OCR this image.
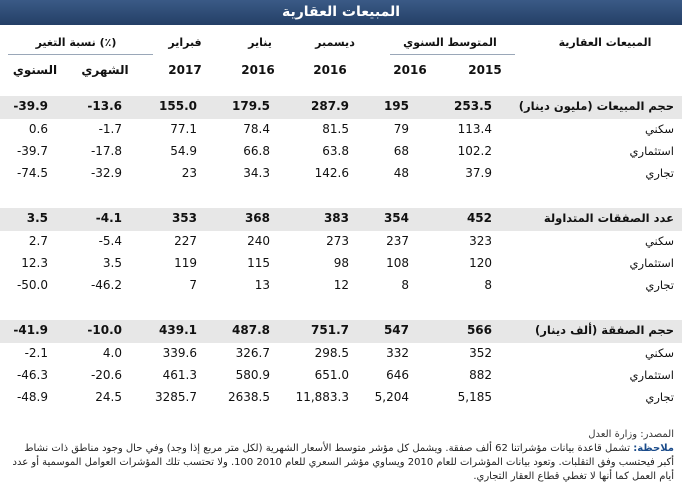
المبيعات العقارية
المبيعات العقارية
المتوسط السنوي
ديسمبر
يناير
فبراير
نسبة التغير (٪)
2015
2016
2016
2016
2017
الشهري
السنوي
حجم المبيعات (مليون دينار)
253.5
195
287.9
179.5
155.0
-13.6
-39.9
سكني
113.4
79
81.5
78.4
77.1
-1.7
0.6
استثماري
102.2
68
63.8
66.8
54.9
-17.8
-39.7
تجاري
37.9
48
142.6
34.3
23
-32.9
-74.5
عدد الصفقات المتداولة
452
354
383
368
353
-4.1
3.5
سكني
323
237
273
240
227
-5.4
2.7
استثماري
120
108
98
115
119
3.5
12.3
تجاري
8
8
12
13
7
-46.2
-50.0
حجم الصفقة (ألف دينار)
566
547
751.7
487.8
439.1
-10.0
-41.9
سكني
352
332
298.5
326.7
339.6
4.0
-2.1
استثماري
882
646
651.0
580.9
461.3
-20.6
-46.3
تجاري
5,185
5,204
11,883.3
2638.5
3285.7
24.5
-48.9
المصدر: وزارة العدل
ملاحظة: تشمل قاعدة بيانات مؤشراتنا 62 ألف صفقة. ويشمل كل مؤشر متوسط الأسعار الشهرية (لكل متر مربع إذا وجد) وفي حال وجود مناطق ذات نشاط أكبر فيحتسب وفق التقلبات. وتعود بيانات المؤشرات للعام 2010 ويساوي مؤشر السعري للعام 2010 100. ولا تحتسب تلك المؤشرات العوامل الموسمية أو عدد أيام العمل كما أنها لا تغطي قطاع العقار التجاري.
